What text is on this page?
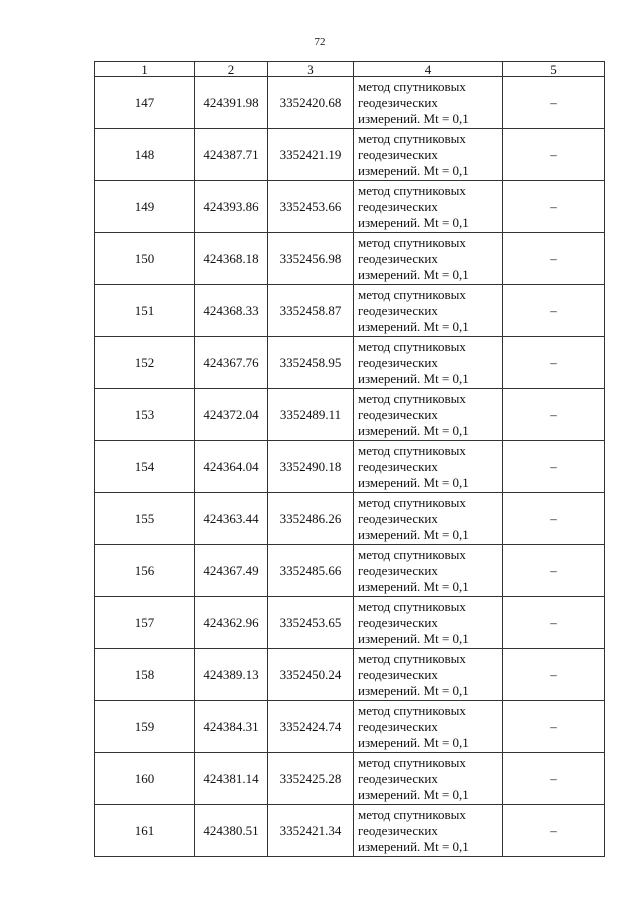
72
1	2	3	4	5
147	424391.98	3352420.68	метод спутниковых
геодезических
измерений. Mt = 0,1	–
148	424387.71	3352421.19	метод спутниковых
геодезических
измерений. Mt = 0,1	–
149	424393.86	3352453.66	метод спутниковых
геодезических
измерений. Mt = 0,1	–
150	424368.18	3352456.98	метод спутниковых
геодезических
измерений. Mt = 0,1	–
151	424368.33	3352458.87	метод спутниковых
геодезических
измерений. Mt = 0,1	–
152	424367.76	3352458.95	метод спутниковых
геодезических
измерений. Mt = 0,1	–
153	424372.04	3352489.11	метод спутниковых
геодезических
измерений. Mt = 0,1	–
154	424364.04	3352490.18	метод спутниковых
геодезических
измерений. Mt = 0,1	–
155	424363.44	3352486.26	метод спутниковых
геодезических
измерений. Mt = 0,1	–
156	424367.49	3352485.66	метод спутниковых
геодезических
измерений. Mt = 0,1	–
157	424362.96	3352453.65	метод спутниковых
геодезических
измерений. Mt = 0,1	–
158	424389.13	3352450.24	метод спутниковых
геодезических
измерений. Mt = 0,1	–
159	424384.31	3352424.74	метод спутниковых
геодезических
измерений. Mt = 0,1	–
160	424381.14	3352425.28	метод спутниковых
геодезических
измерений. Mt = 0,1	–
161	424380.51	3352421.34	метод спутниковых
геодезических
измерений. Mt = 0,1	–
